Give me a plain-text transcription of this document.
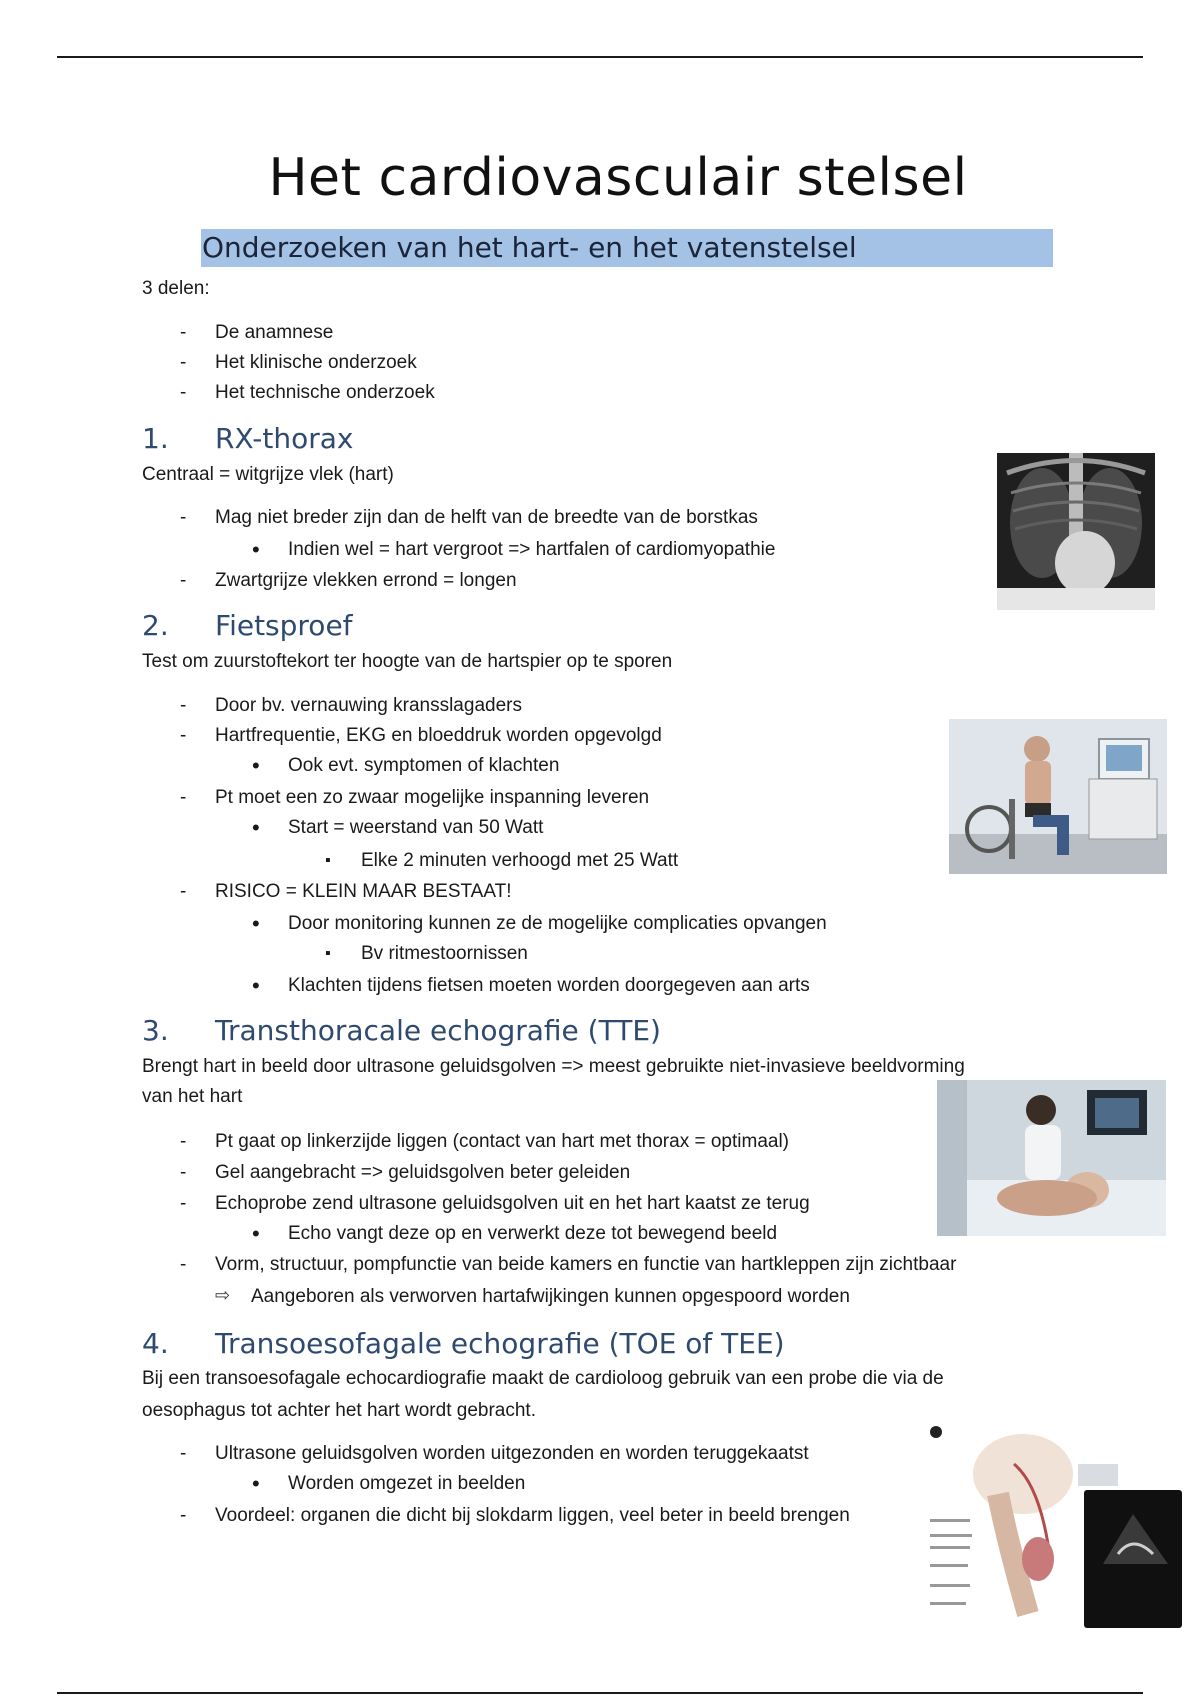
Het cardiovasculair stelsel
Onderzoeken van het hart- en het vatenstelsel
3 delen:
- De anamnese
- Het klinische onderzoek
- Het technische onderzoek
1. RX-thorax
Centraal = witgrijze vlek (hart)
- Mag niet breder zijn dan de helft van de breedte van de borstkas
• Indien wel = hart vergroot => hartfalen of cardiomyopathie
- Zwartgrijze vlekken errond = longen
2. Fietsproef
Test om zuurstoftekort ter hoogte van de hartspier op te sporen
- Door bv. vernauwing kransslagaders
- Hartfrequentie, EKG en bloeddruk worden opgevolgd
• Ook evt. symptomen of klachten
- Pt moet een zo zwaar mogelijke inspanning leveren
• Start = weerstand van 50 Watt
▪ Elke 2 minuten verhoogd met 25 Watt
- RISICO = KLEIN MAAR BESTAAT!
• Door monitoring kunnen ze de mogelijke complicaties opvangen
▪ Bv ritmestoornissen
• Klachten tijdens fietsen moeten worden doorgegeven aan arts
3. Transthoracale echografie (TTE)
Brengt hart in beeld door ultrasone geluidsgolven => meest gebruikte niet-invasieve beeldvorming
van het hart
- Pt gaat op linkerzijde liggen (contact van hart met thorax = optimaal)
- Gel aangebracht => geluidsgolven beter geleiden
- Echoprobe zend ultrasone geluidsgolven uit en het hart kaatst ze terug
• Echo vangt deze op en verwerkt deze tot bewegend beeld
- Vorm, structuur, pompfunctie van beide kamers en functie van hartkleppen zijn zichtbaar
⇨ Aangeboren als verworven hartafwijkingen kunnen opgespoord worden
4. Transoesofagale echografie (TOE of TEE)
Bij een transoesofagale echocardiografie maakt de cardioloog gebruik van een probe die via de
oesophagus tot achter het hart wordt gebracht.
- Ultrasone geluidsgolven worden uitgezonden en worden teruggekaatst
• Worden omgezet in beelden
- Voordeel: organen die dicht bij slokdarm liggen, veel beter in beeld brengen
